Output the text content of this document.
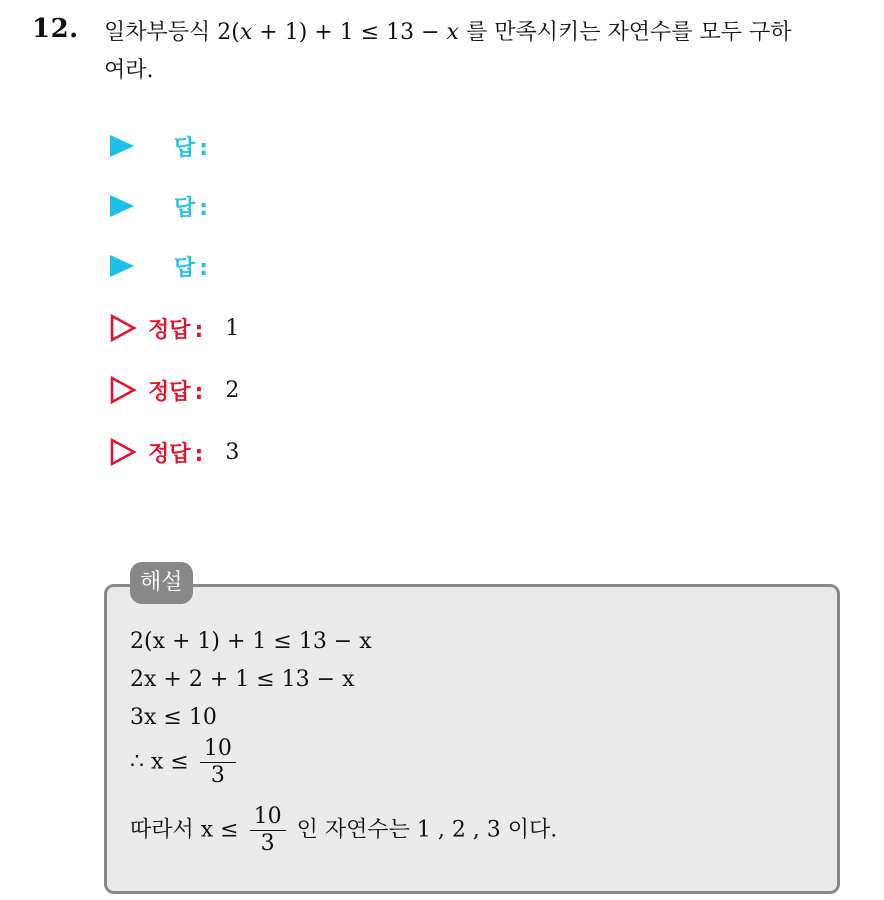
12. 일차부등식 2(x + 1) + 1 ≤ 13 − x 를 만족시키는 자연수를 모두 구하
여라.
답 :
답 :
답 :
정답 : 1
정답 : 2
정답 : 3
해설
2(x + 1) + 1 ≤ 13 − x
2x + 2 + 1 ≤ 13 − x
3x ≤ 10
∴ $x \le \frac{10}{3}$
따라서 $x \le \frac{10}{3}$ 인 자연수는 1 , 2 , 3 이다.
